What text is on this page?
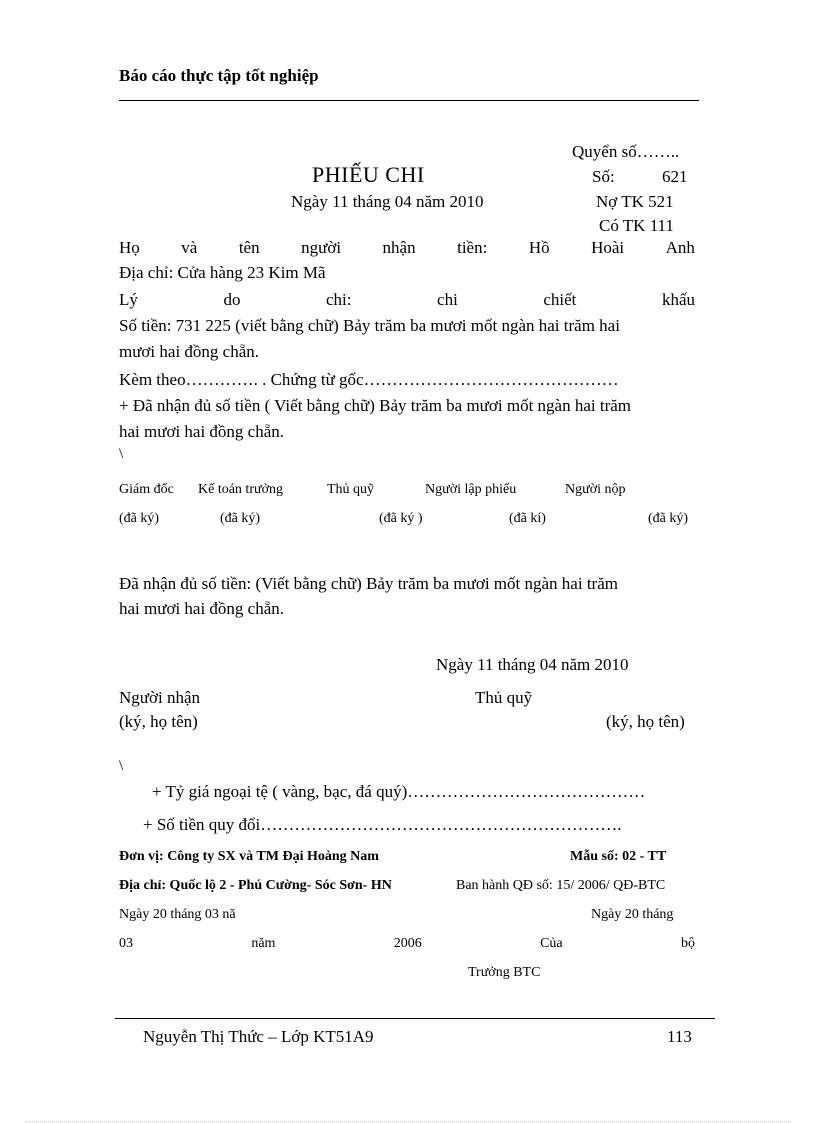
Báo cáo thực tập tốt nghiệp
Quyển số……..
PHIẾU CHI
Ngày 11 tháng 04 năm 2010
Số:	621
Nợ TK 521
Có TK 111
Họ và tên người nhận tiền: Hồ Hoài Anh
Địa chỉ: Cửa hàng 23 Kim Mã
Lý	do	chi:	chi	chiết	khấu
Số tiền: 731 225 (viết bằng chữ) Bảy trăm ba mươi mốt ngàn hai trăm hai
mươi hai đồng chẵn.
Kèm theo…………. . Chứng từ gốc………………………………………
+ Đã nhận đủ số tiền ( Viết bằng chữ) Bảy trăm ba mươi mốt ngàn hai trăm
hai mươi hai đồng chẵn.
\
Giám đốc Kế toán trưởng	Thủ quỹ	Người lập phiếu	Người nộp
(đã ký)	(đã ký)	(đã ký )	(đã kí)	(đã ký)
Đã nhận đủ số tiền: (Viết bằng chữ) Bảy trăm ba mươi mốt ngàn hai trăm
hai mươi hai đồng chẵn.
Ngày 11 tháng 04 năm 2010
Người nhận
(ký, họ tên)
Thủ quỹ
(ký, họ tên)
\
+ Tỷ giá ngoại tệ ( vàng, bạc, đá quý)……………………………………
+ Số tiền quy đổi……………………………………………………….
Đơn vị: Công ty SX và TM Đại Hoàng Nam	Mẫu số: 02 - TT
Địa chỉ: Quốc lộ 2 - Phú Cường- Sóc Sơn- HN	Ban hành QĐ số: 15/ 2006/ QĐ-BTC
Ngày 20 tháng 03 nă	Ngày 20 tháng
03	năm	2006	Của	bộ
Trưởng BTC
Nguyễn Thị Thức – Lớp KT51A9	113
